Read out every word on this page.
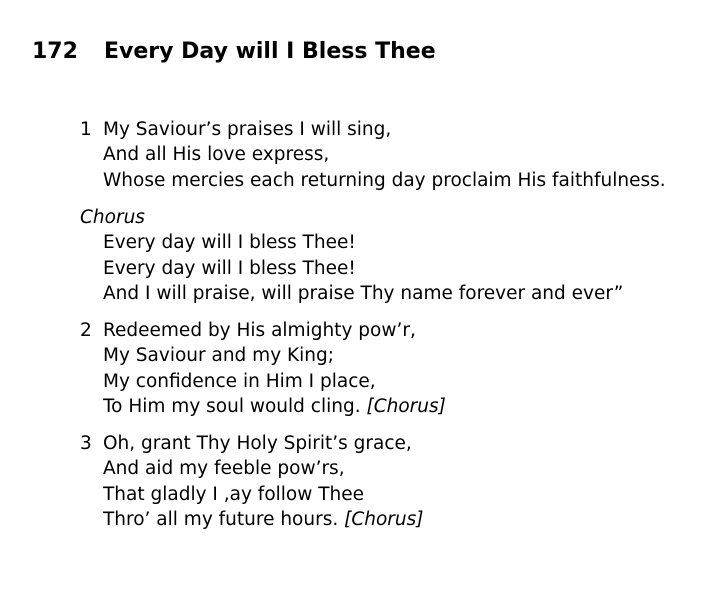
172 Every Day will I Bless Thee
1 My Saviour’s praises I will sing,
And all His love express,
Whose mercies each returning day proclaim His faithfulness.
Chorus
Every day will I bless Thee!
Every day will I bless Thee!
And I will praise, will praise Thy name forever and ever”
2 Redeemed by His almighty pow’r,
My Saviour and my King;
My confidence in Him I place,
To Him my soul would cling. [Chorus]
3 Oh, grant Thy Holy Spirit’s grace,
And aid my feeble pow’rs,
That gladly I ,ay follow Thee
Thro’ all my future hours. [Chorus]
